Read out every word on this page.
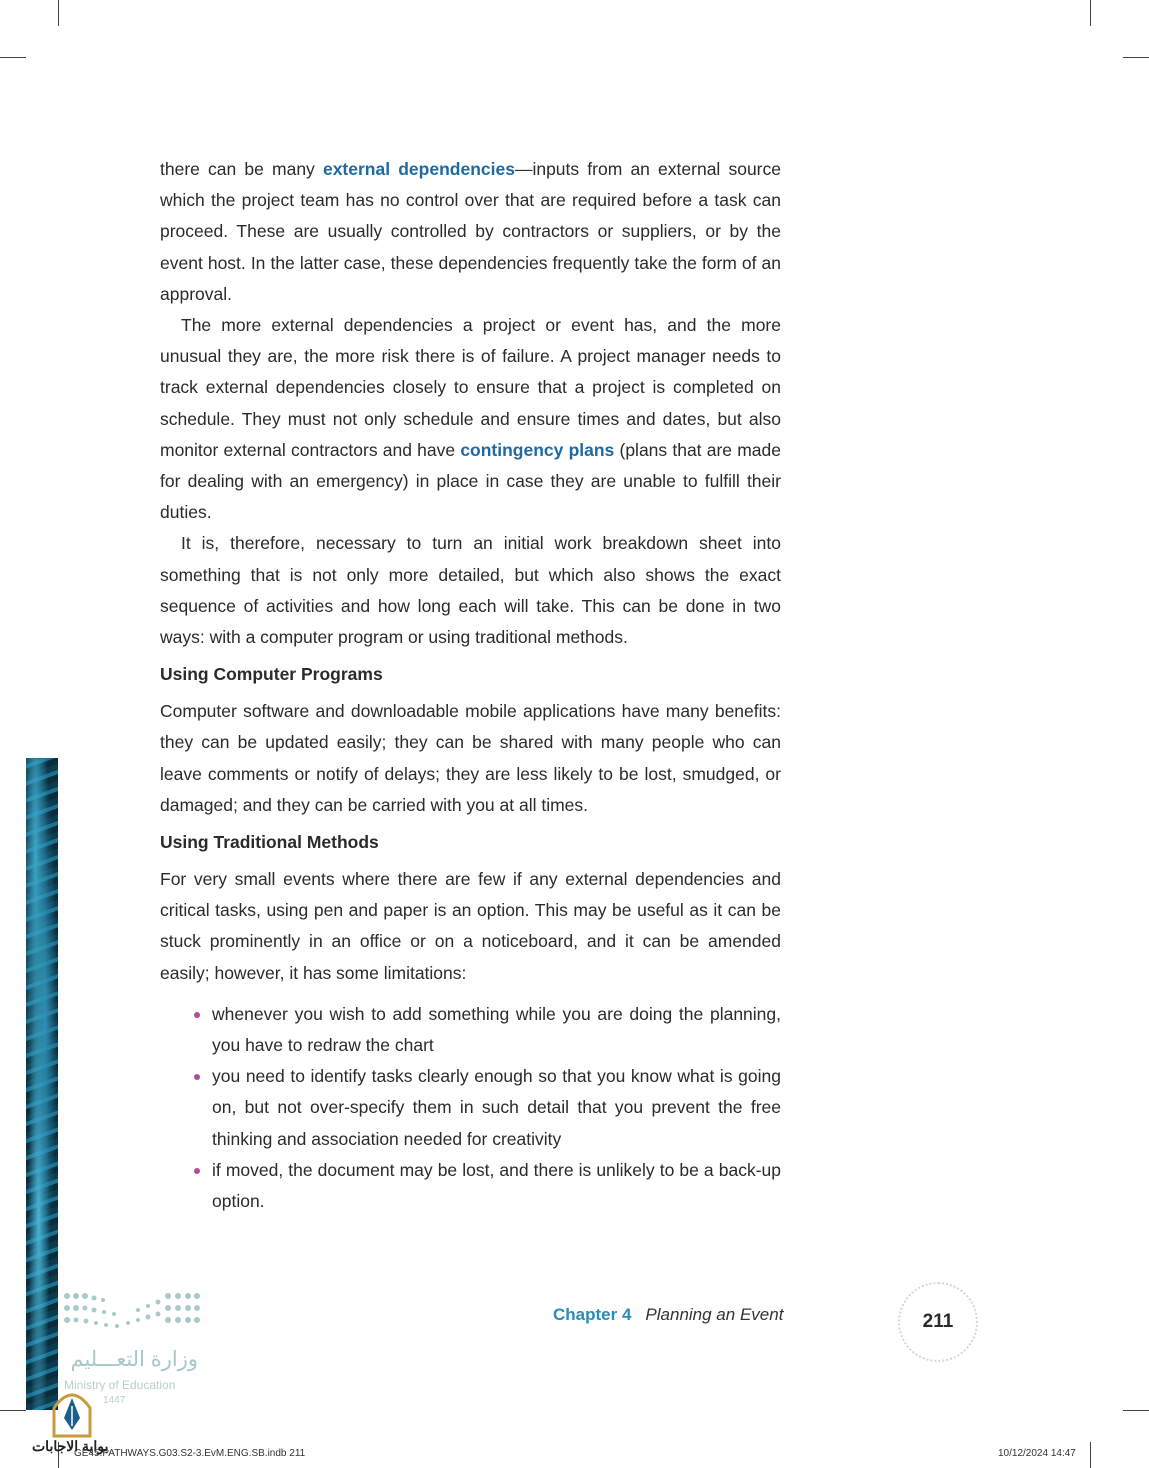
there can be many external dependencies—inputs from an external source which the project team has no control over that are required before a task can proceed. These are usually controlled by contractors or suppliers, or by the event host. In the latter case, these dependencies frequently take the form of an approval.

The more external dependencies a project or event has, and the more unusual they are, the more risk there is of failure. A project manager needs to track external dependencies closely to ensure that a project is completed on schedule. They must not only schedule and ensure times and dates, but also monitor external contractors and have contingency plans (plans that are made for dealing with an emergency) in place in case they are unable to fulfill their duties.

It is, therefore, necessary to turn an initial work breakdown sheet into something that is not only more detailed, but which also shows the exact sequence of activities and how long each will take. This can be done in two ways: with a computer program or using traditional methods.

Using Computer Programs

Computer software and downloadable mobile applications have many benefits: they can be updated easily; they can be shared with many people who can leave comments or notify of delays; they are less likely to be lost, smudged, or damaged; and they can be carried with you at all times.

Using Traditional Methods

For very small events where there are few if any external dependencies and critical tasks, using pen and paper is an option. This may be useful as it can be stuck prominently in an office or on a noticeboard, and it can be amended easily; however, it has some limitations:

whenever you wish to add something while you are doing the planning, you have to redraw the chart
you need to identify tasks clearly enough so that you know what is going on, but not over-specify them in such detail that you prevent the free thinking and association needed for creativity
if moved, the document may be lost, and there is unlikely to be a back-up option.
Chapter 4 Planning an Event	211
وزارة التعـــليم
Ministry of Education
1447
بوابة الاجابات
GE45.PATHWAYS.G03.S2-3.EvM.ENG.SB.indb 211	10/12/2024 14:47
